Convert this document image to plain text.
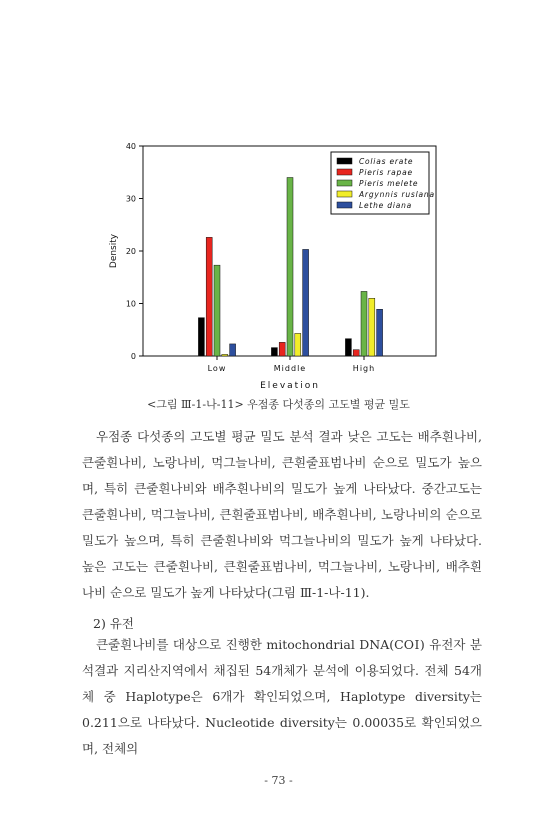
0
10
20
30
40
Low	Middle	High
Colias erate
Pieris rapae
Pieris melete
Argynnis ruslana
Lethe diana
Density
Elevation
<그림 Ⅲ-1-나-11> 우점종 다섯종의 고도별 평균 밀도
우점종 다섯종의 고도별 평균 밀도 분석 결과 낮은 고도는 배추흰나비, 큰줄흰나비, 노랑나비, 먹그늘나비, 큰흰줄표범나비 순으로 밀도가 높으며, 특히 큰줄흰나비와 배추흰나비의 밀도가 높게 나타났다. 중간고도는 큰줄흰나비, 먹그늘나비, 큰흰줄표범나비, 배추흰나비, 노랑나비의 순으로 밀도가 높으며, 특히 큰줄흰나비와 먹그늘나비의 밀도가 높게 나타났다. 높은 고도는 큰줄흰나비, 큰흰줄표범나비, 먹그늘나비, 노랑나비, 배추흰나비 순으로 밀도가 높게 나타났다(그림 Ⅲ-1-나-11).
2) 유전
큰줄흰나비를 대상으로 진행한 mitochondrial DNA(COⅠ) 유전자 분석결과 지리산지역에서 채집된 54개체가 분석에 이용되었다. 전체 54개체 중 Haplotype은 6개가 확인되었으며, Haplotype diversity는 0.211으로 나타났다. Nucleotide diversity는 0.00035로 확인되었으며, 전체의
- 73 -
